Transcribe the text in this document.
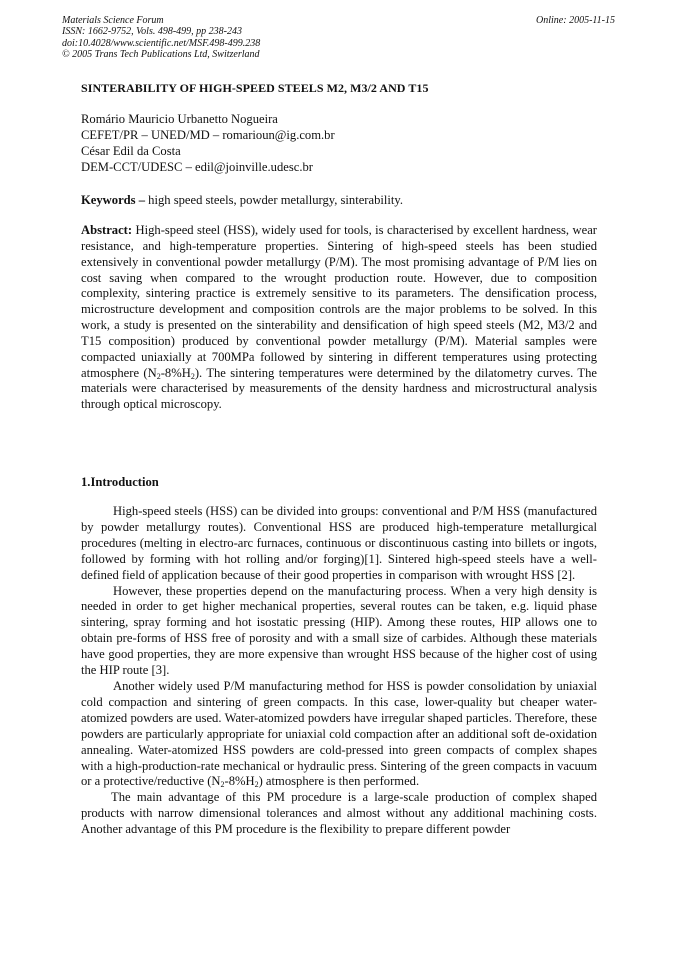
Materials Science Forum
ISSN: 1662-9752, Vols. 498-499, pp 238-243
doi:10.4028/www.scientific.net/MSF.498-499.238
© 2005 Trans Tech Publications Ltd, Switzerland
Online: 2005-11-15
SINTERABILITY OF HIGH-SPEED STEELS M2, M3/2 AND T15
Romário Mauricio Urbanetto Nogueira
CEFET/PR – UNED/MD – romarioun@ig.com.br
César Edil da Costa
DEM-CCT/UDESC – edil@joinville.udesc.br
Keywords – high speed steels, powder metallurgy, sinterability.
Abstract: High-speed steel (HSS), widely used for tools, is characterised by excellent hardness, wear resistance, and high-temperature properties. Sintering of high-speed steels has been studied extensively in conventional powder metallurgy (P/M). The most promising advantage of P/M lies on cost saving when compared to the wrought production route. However, due to composition complexity, sintering practice is extremely sensitive to its parameters. The densification process, microstructure development and composition controls are the major problems to be solved. In this work, a study is presented on the sinterability and densification of high speed steels (M2, M3/2 and T15 composition) produced by conventional powder metallurgy (P/M). Material samples were compacted uniaxially at 700MPa followed by sintering in different temperatures using protecting atmosphere $(N_2-8\%H_2)$. The sintering temperatures were determined by the dilatometry curves. The materials were characterised by measurements of the density hardness and microstructural analysis through optical microscopy.
1.Introduction

High-speed steels (HSS) can be divided into groups: conventional and P/M HSS (manufactured by powder metallurgy routes). Conventional HSS are produced high-temperature metallurgical procedures (melting in electro-arc furnaces, continuous or discontinuous casting into billets or ingots, followed by forming with hot rolling and/or forging)[1]. Sintered high-speed steels have a well-defined field of application because of their good properties in comparison with wrought HSS [2].

However, these properties depend on the manufacturing process. When a very high density is needed in order to get higher mechanical properties, several routes can be taken, e.g. liquid phase sintering, spray forming and hot isostatic pressing (HIP). Among these routes, HIP allows one to obtain pre-forms of HSS free of porosity and with a small size of carbides. Although these materials have good properties, they are more expensive than wrought HSS because of the higher cost of using the HIP route [3].

Another widely used P/M manufacturing method for HSS is powder consolidation by uniaxial cold compaction and sintering of green compacts. In this case, lower-quality but cheaper water-atomized powders are used. Water-atomized powders have irregular shaped particles. Therefore, these powders are particularly appropriate for uniaxial cold compaction after an additional soft de-oxidation annealing. Water-atomized HSS powders are cold-pressed into green compacts of complex shapes with a high-production-rate mechanical or hydraulic press. Sintering of the green compacts in vacuum or a protective/reductive $(N_2-8\%H_2)$ atmosphere is then performed.

The main advantage of this PM procedure is a large-scale production of complex shaped products with narrow dimensional tolerances and almost without any additional machining costs. Another advantage of this PM procedure is the flexibility to prepare different powder
